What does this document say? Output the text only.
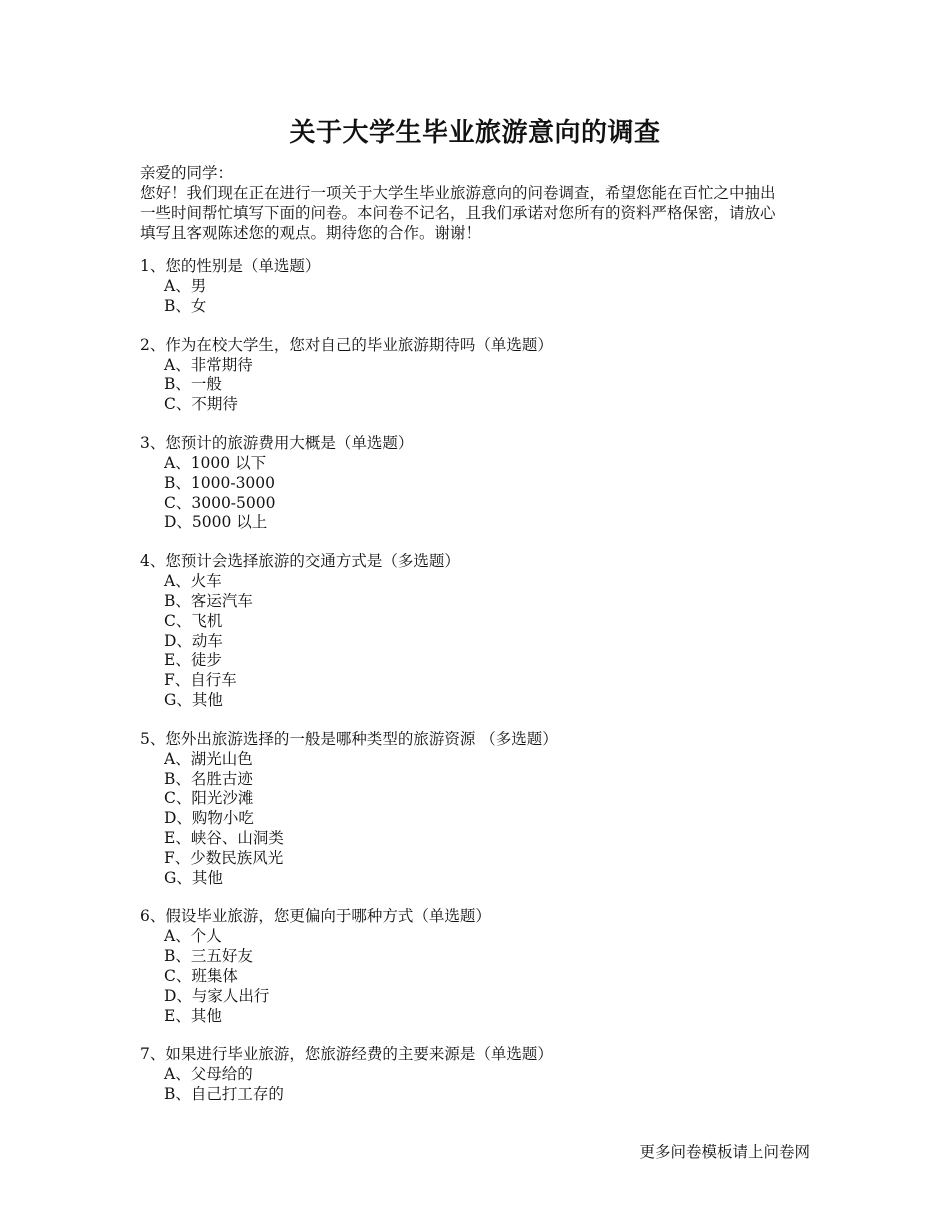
关于大学生毕业旅游意向的调查
亲爱的同学：
您好！我们现在正在进行一项关于大学生毕业旅游意向的问卷调查，希望您能在百忙之中抽出
一些时间帮忙填写下面的问卷。本问卷不记名，且我们承诺对您所有的资料严格保密，请放心
填写且客观陈述您的观点。期待您的合作。谢谢！
1、您的性别是（单选题）
A、男
B、女
2、作为在校大学生，您对自己的毕业旅游期待吗（单选题）
A、非常期待
B、一般
C、不期待
3、您预计的旅游费用大概是（单选题）
A、1000 以下
B、1000-3000
C、3000-5000
D、5000 以上
4、您预计会选择旅游的交通方式是（多选题）
A、火车
B、客运汽车
C、飞机
D、动车
E、徒步
F、自行车
G、其他
5、您外出旅游选择的一般是哪种类型的旅游资源 （多选题）
A、湖光山色
B、名胜古迹
C、阳光沙滩
D、购物小吃
E、峡谷、山洞类
F、少数民族风光
G、其他
6、假设毕业旅游，您更偏向于哪种方式（单选题）
A、个人
B、三五好友
C、班集体
D、与家人出行
E、其他
7、如果进行毕业旅游，您旅游经费的主要来源是（单选题）
A、父母给的
B、自己打工存的
更多问卷模板请上问卷网
